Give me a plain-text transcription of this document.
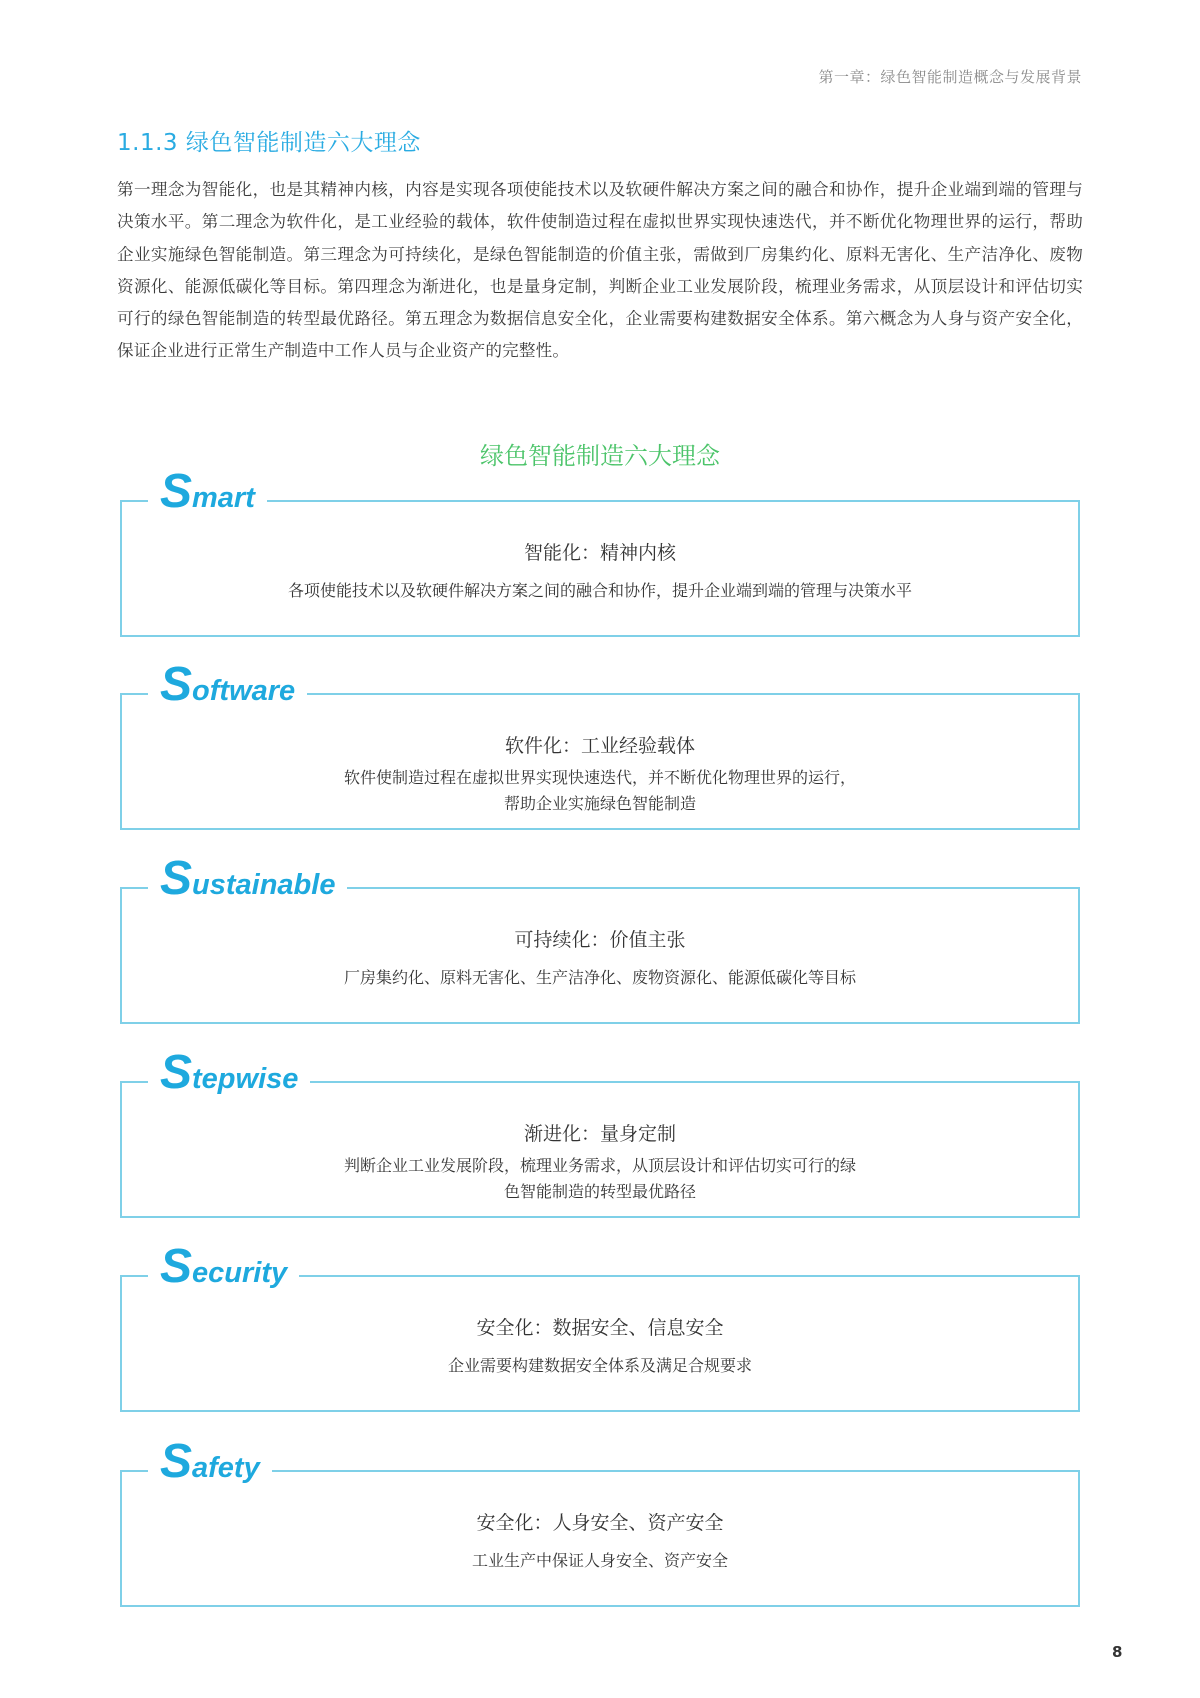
第一章：绿色智能制造概念与发展背景
1.1.3 绿色智能制造六大理念
第一理念为智能化，也是其精神内核，内容是实现各项使能技术以及软硬件解决方案之间的融合和协作，提升企业端到端的管理与决策水平。第二理念为软件化，是工业经验的载体，软件使制造过程在虚拟世界实现快速迭代，并不断优化物理世界的运行，帮助企业实施绿色智能制造。第三理念为可持续化，是绿色智能制造的价值主张，需做到厂房集约化、原料无害化、生产洁净化、废物资源化、能源低碳化等目标。第四理念为渐进化，也是量身定制，判断企业工业发展阶段，梳理业务需求，从顶层设计和评估切实可行的绿色智能制造的转型最优路径。第五理念为数据信息安全化，企业需要构建数据安全体系。第六概念为人身与资产安全化，保证企业进行正常生产制造中工作人员与企业资产的完整性。
绿色智能制造六大理念
Smart
智能化：精神内核
各项使能技术以及软硬件解决方案之间的融合和协作，提升企业端到端的管理与决策水平
Software
软件化：工业经验载体
软件使制造过程在虚拟世界实现快速迭代，并不断优化物理世界的运行，
帮助企业实施绿色智能制造
Sustainable
可持续化：价值主张
厂房集约化、原料无害化、生产洁净化、废物资源化、能源低碳化等目标
Stepwise
渐进化：量身定制
判断企业工业发展阶段，梳理业务需求，从顶层设计和评估切实可行的绿
色智能制造的转型最优路径
Security
安全化：数据安全、信息安全
企业需要构建数据安全体系及满足合规要求
Safety
安全化：人身安全、资产安全
工业生产中保证人身安全、资产安全
8
